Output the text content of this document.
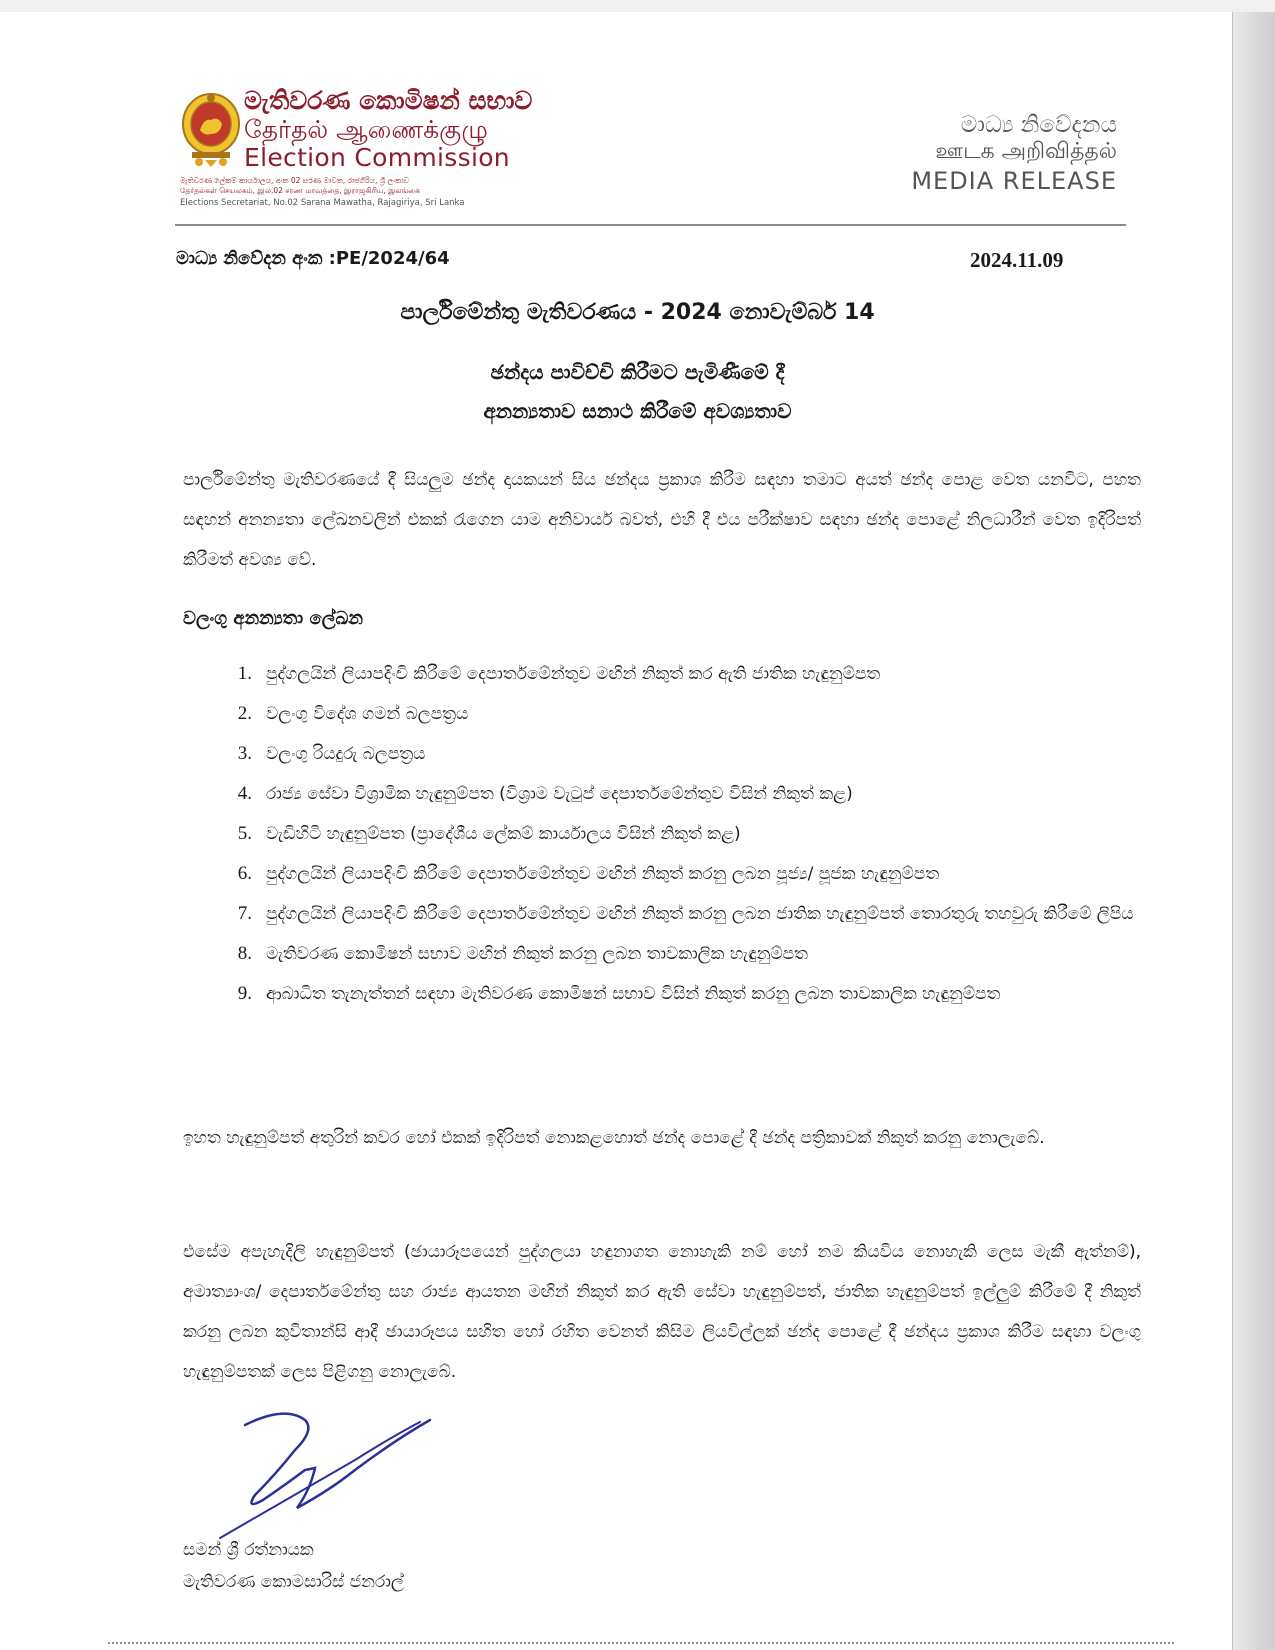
මැතිවරණ කොමිෂන් සභාව
தேர்தல் ஆணைக்குழு
Election Commission
මැතිවරණ ලේකම් කාර්යාලය, අංක 02 සරණ මාවත, රාජගිරිය, ශ්‍රී ලංකාව
தேர்தல்கள் செயலகம், இல.02 சரண மாவத்தை, இராஜகிரிய, இலங்கை
Elections Secretariat, No.02 Sarana Mawatha, Rajagiriya, Sri Lanka
මාධ්‍ය නිවේදනය
ஊடக அறிவித்தல்
MEDIA RELEASE
මාධ්‍ය නිවේදන අංක :PE/2024/64	2024.11.09
පාර්ලිමේන්තු මැතිවරණය - 2024 නොවැම්බර් 14
ඡන්දය පාවිච්චි කිරීමට පැමිණීමේ දී
අනන්‍යතාව සනාථ කිරීමේ අවශ්‍යතාව

පාර්ලිමේන්තු මැතිවරණයේ දී සියලුම ඡන්ද දායකයන් සිය ඡන්දය ප්‍රකාශ කිරීම සඳහා තමාට අයත් ඡන්ද පොළ වෙත යනවිට, පහත සඳහන් අනන්‍යතා ලේඛනවලින් එකක් රැගෙන යාම අනිවාර්ය බවත්, එහි දී එය පරීක්ෂාව සඳහා ඡන්ද පොළේ නිලධාරීන් වෙත ඉදිරිපත් කිරීමත් අවශ්‍ය වේ.

වලංගු අනන්‍යතා ලේඛන
1. පුද්ගලයින් ලියාපදිංචි කිරීමේ දෙපාර්තමේන්තුව මඟින් නිකුත් කර ඇති ජාතික හැඳුනුම්පත
2. වලංගු විදේශ ගමන් බලපත්‍රය
3. වලංගු රියදුරු බලපත්‍රය
4. රාජ්‍ය සේවා විශ්‍රාමික හැඳුනුම්පත (විශ්‍රාම වැටුප් දෙපාර්තමේන්තුව විසින් නිකුත් කළ)
5. වැඩිහිටි හැඳුනුම්පත (ප්‍රාදේශීය ලේකම් කාර්යාලය විසින් නිකුත් කළ)
6. පුද්ගලයින් ලියාපදිංචි කිරීමේ දෙපාර්තමේන්තුව මඟින් නිකුත් කරනු ලබන පූජ්‍ය/ පූජක හැඳුනුම්පත
7. පුද්ගලයින් ලියාපදිංචි කිරීමේ දෙපාර්තමේන්තුව මඟින් නිකුත් කරනු ලබන ජාතික හැඳුනුම්පත් තොරතුරු තහවුරු කිරීමේ ලිපිය
8. මැතිවරණ කොමිෂන් සභාව මඟින් නිකුත් කරනු ලබන තාවකාලික හැඳුනුම්පත
9. ආබාධිත තැනැත්තන් සඳහා මැතිවරණ කොමිෂන් සභාව විසින් නිකුත් කරනු ලබන තාවකාලික හැඳුනුම්පත

ඉහත හැඳුනුම්පත් අතුරින් කවර හෝ එකක් ඉදිරිපත් නොකළහොත් ඡන්ද පොළේ දී ඡන්ද පත්‍රිකාවක් නිකුත් කරනු නොලැබේ.

එසේම අපැහැදිලි හැඳුනුම්පත් (ඡායාරූපයෙන් පුද්ගලයා හඳුනාගත නොහැකි නම් හෝ නම කියවිය නොහැකි ලෙස මැකී ඇත්නම්), අමාත්‍යාංශ/ දෙපාර්තමේන්තු සහ රාජ්‍ය ආයතන මඟින් නිකුත් කර ඇති සේවා හැඳුනුම්පත්, ජාතික හැඳුනුම්පත් ඉල්ලුම් කිරීමේ දී නිකුත් කරනු ලබන කුවිතාන්සි ආදී ඡායාරූපය සහිත හෝ රහිත වෙනත් කිසිම ලියවිල්ලක් ඡන්ද පොළේ දී ඡන්දය ප්‍රකාශ කිරීම සඳහා වලංගු හැඳුනුම්පතක් ලෙස පිළිගනු නොලැබේ.

සමන් ශ්‍රී රත්නායක
මැතිවරණ කොමසාරිස් ජනරාල්
